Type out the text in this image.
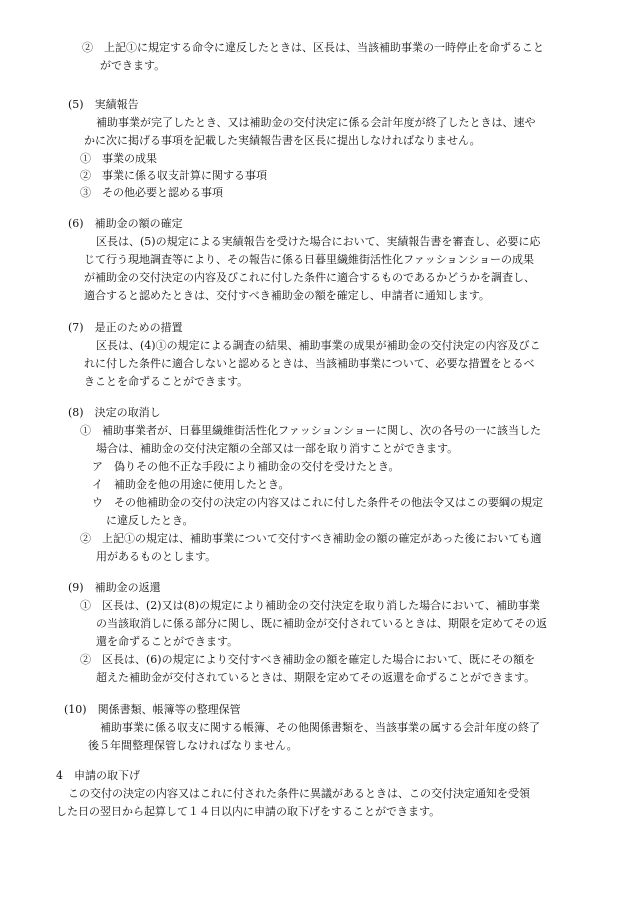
②　上記①に規定する命令に違反したときは、区長は、当該補助事業の一時停止を命ずること
ができます。
(5)　実績報告
補助事業が完了したとき、又は補助金の交付決定に係る会計年度が終了したときは、速や
かに次に掲げる事項を記載した実績報告書を区長に提出しなければなりません。
①　事業の成果
②　事業に係る収支計算に関する事項
③　その他必要と認める事項
(6)　補助金の額の確定
区長は、(5)の規定による実績報告を受けた場合において、実績報告書を審査し、必要に応
じて行う現地調査等により、その報告に係る日暮里繊維街活性化ファッションショーの成果
が補助金の交付決定の内容及びこれに付した条件に適合するものであるかどうかを調査し、
適合すると認めたときは、交付すべき補助金の額を確定し、申請者に通知します。
(7)　是正のための措置
区長は、(4)①の規定による調査の結果、補助事業の成果が補助金の交付決定の内容及びこ
れに付した条件に適合しないと認めるときは、当該補助事業について、必要な措置をとるべ
きことを命ずることができます。
(8)　決定の取消し
①　補助事業者が、日暮里繊維街活性化ファッションショーに関し、次の各号の一に該当した
場合は、補助金の交付決定額の全部又は一部を取り消すことができます。
ア　偽りその他不正な手段により補助金の交付を受けたとき。
イ　補助金を他の用途に使用したとき。
ウ　その他補助金の交付の決定の内容又はこれに付した条件その他法令又はこの要綱の規定
に違反したとき。
②　上記①の規定は、補助事業について交付すべき補助金の額の確定があった後においても適
用があるものとします。
(9)　補助金の返還
①　区長は、(2)又は(8)の規定により補助金の交付決定を取り消した場合において、補助事業
の当該取消しに係る部分に関し、既に補助金が交付されているときは、期限を定めてその返
還を命ずることができます。
②　区長は、(6)の規定により交付すべき補助金の額を確定した場合において、既にその額を
超えた補助金が交付されているときは、期限を定めてその返還を命ずることができます。
(10)　関係書類、帳簿等の整理保管
補助事業に係る収支に関する帳簿、その他関係書類を、当該事業の属する会計年度の終了
後５年間整理保管しなければなりません。
4　申請の取下げ
この交付の決定の内容又はこれに付された条件に異議があるときは、この交付決定通知を受領
した日の翌日から起算して１４日以内に申請の取下げをすることができます。
